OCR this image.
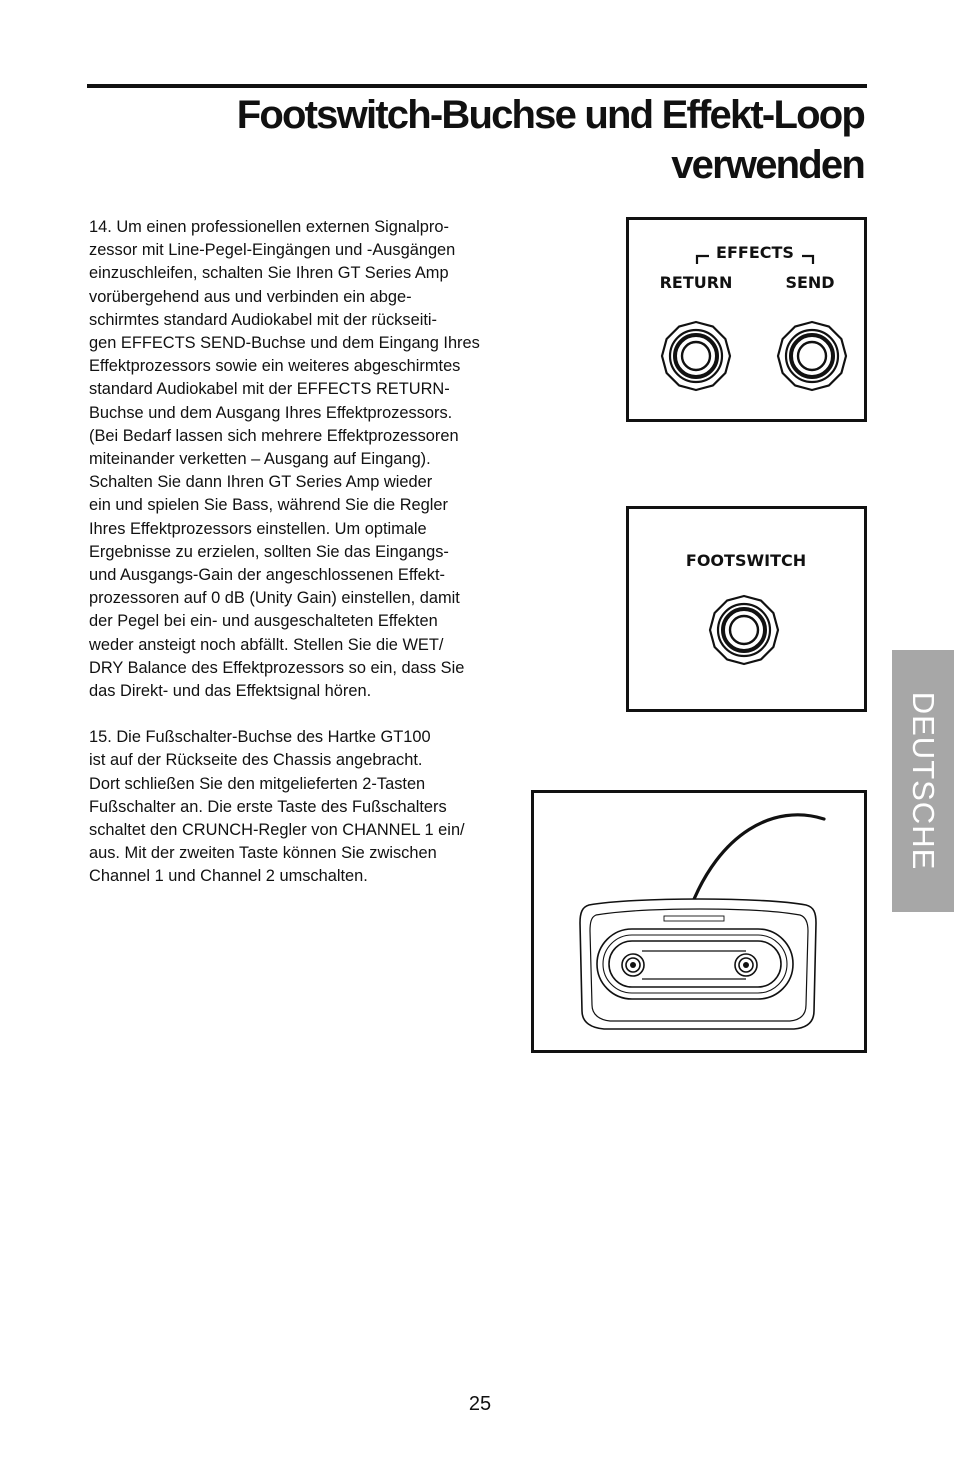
Footswitch-Buchse und Effekt-Loop
verwenden
14. Um einen professionellen externen Signalpro-
zessor mit Line-Pegel-Eingängen und -Ausgängen
einzuschleifen, schalten Sie Ihren GT Series Amp
vorübergehend aus und verbinden ein abge-
schirmtes standard Audiokabel mit der rückseiti-
gen EFFECTS SEND-Buchse und dem Eingang Ihres
Effektprozessors sowie ein weiteres abgeschirmtes
standard Audiokabel mit der EFFECTS RETURN-
Buchse und dem Ausgang Ihres Effektprozessors.
(Bei Bedarf lassen sich mehrere Effektprozessoren
miteinander verketten – Ausgang auf Eingang).
Schalten Sie dann Ihren GT Series Amp wieder
ein und spielen Sie Bass, während Sie die Regler
Ihres Effektprozessors einstellen. Um optimale
Ergebnisse zu erzielen, sollten Sie das Eingangs-
und Ausgangs-Gain der angeschlossenen Effekt-
prozessoren auf 0 dB (Unity Gain) einstellen, damit
der Pegel bei ein- und ausgeschalteten Effekten
weder ansteigt noch abfällt. Stellen Sie die WET/
DRY Balance des Effektprozessors so ein, dass Sie
das Direkt- und das Effektsignal hören.
15. Die Fußschalter-Buchse des Hartke GT100
ist auf der Rückseite des Chassis angebracht.
Dort schließen Sie den mitgelieferten 2-Tasten
Fußschalter an. Die erste Taste des Fußschalters
schaltet den CRUNCH-Regler von CHANNEL 1 ein/
aus. Mit der zweiten Taste können Sie zwischen
Channel 1 und Channel 2 umschalten.
EFFECTS
RETURN	SEND
FOOTSWITCH
DEUTSCHE
25
